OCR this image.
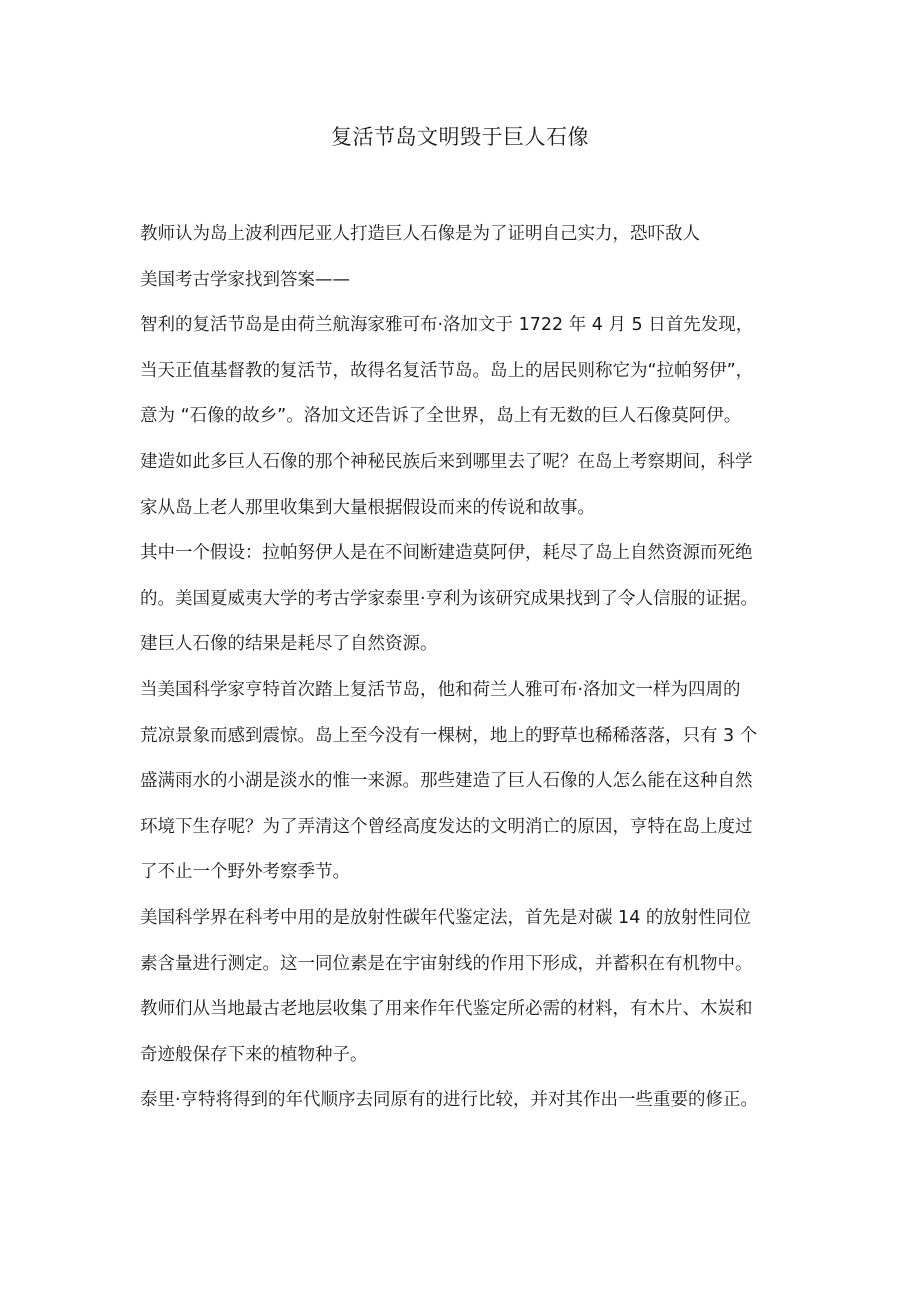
复活节岛文明毁于巨人石像
教师认为岛上波利西尼亚人打造巨人石像是为了证明自己实力，恐吓敌人
美国考古学家找到答案——
智利的复活节岛是由荷兰航海家雅可布·洛加文于 1722 年 4 月 5 日首先发现，
当天正值基督教的复活节，故得名复活节岛。岛上的居民则称它为“拉帕努伊”，
意为 “石像的故乡”。洛加文还告诉了全世界，岛上有无数的巨人石像莫阿伊。
建造如此多巨人石像的那个神秘民族后来到哪里去了呢？在岛上考察期间，科学
家从岛上老人那里收集到大量根据假设而来的传说和故事。
其中一个假设：拉帕努伊人是在不间断建造莫阿伊，耗尽了岛上自然资源而死绝
的。美国夏威夷大学的考古学家泰里·亨利为该研究成果找到了令人信服的证据。
建巨人石像的结果是耗尽了自然资源。
当美国科学家亨特首次踏上复活节岛，他和荷兰人雅可布·洛加文一样为四周的
荒凉景象而感到震惊。岛上至今没有一棵树，地上的野草也稀稀落落，只有 3 个
盛满雨水的小湖是淡水的惟一来源。那些建造了巨人石像的人怎么能在这种自然
环境下生存呢？为了弄清这个曾经高度发达的文明消亡的原因，亨特在岛上度过
了不止一个野外考察季节。
美国科学界在科考中用的是放射性碳年代鉴定法，首先是对碳 14 的放射性同位
素含量进行测定。这一同位素是在宇宙射线的作用下形成，并蓄积在有机物中。
教师们从当地最古老地层收集了用来作年代鉴定所必需的材料，有木片、木炭和
奇迹般保存下来的植物种子。
泰里·亨特将得到的年代顺序去同原有的进行比较，并对其作出一些重要的修正。
